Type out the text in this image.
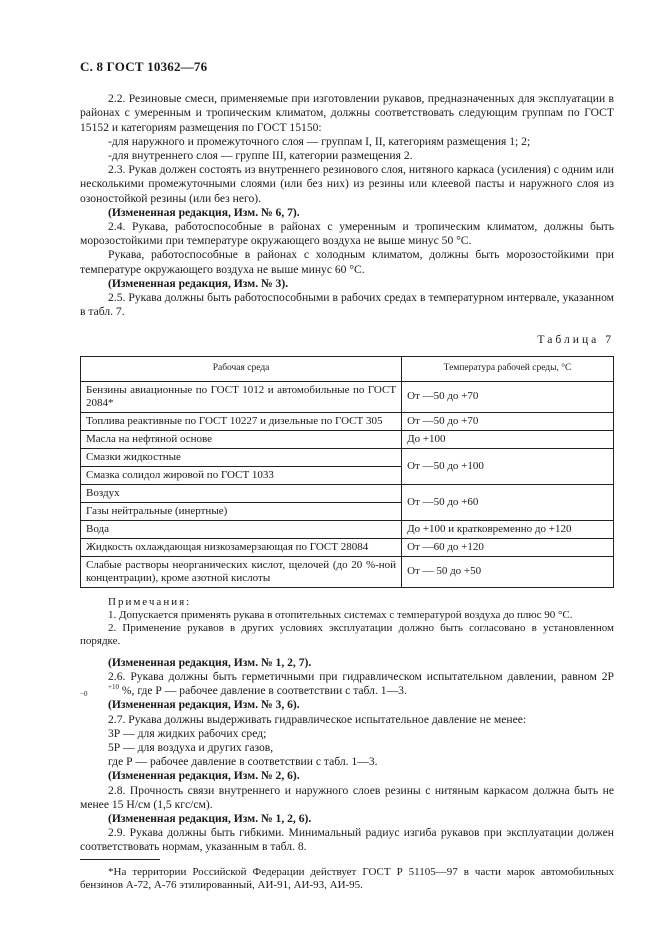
С. 8 ГОСТ 10362—76

2.2. Резиновые смеси, применяемые при изготовлении рукавов, предназначенных для эксплуатации в районах с умеренным и тропическим климатом, должны соответствовать следующим группам по ГОСТ 15152 и категориям размещения по ГОСТ 15150:

-для наружного и промежуточного слоя — группам I, II, категориям размещения 1; 2;

-для внутреннего слоя — группе III, категории размещения 2.

2.3. Рукав должен состоять из внутреннего резинового слоя, нитяного каркаса (усиления) с одним или несколькими промежуточными слоями (или без них) из резины или клеевой пасты и наружного слоя из озоностойкой резины (или без него).

(Измененная редакция, Изм. № 6, 7).

2.4. Рукава, работоспособные в районах с умеренным и тропическим климатом, должны быть морозостойкими при температуре окружающего воздуха не выше минус 50 °С.

Рукава, работоспособные в районах с холодным климатом, должны быть морозостойкими при температуре окружающего воздуха не выше минус 60 °С.

(Измененная редакция, Изм. № 3).

2.5. Рукава должны быть работоспособными в рабочих средах в температурном интервале, указанном в табл. 7.

Таблица 7
Рабочая среда	Температура рабочей среды, °С
Бензины авиационные по ГОСТ 1012 и автомобильные по ГОСТ 2084*	От —50 до +70
Топлива реактивные по ГОСТ 10227 и дизельные по ГОСТ 305	От —50 до +70
Масла на нефтяной основе	До +100
Смазки жидкостные	От —50 до +100
Смазка солидол жировой по ГОСТ 1033	
Воздух	От —50 до +60
Газы нейтральные (инертные)	
Вода	До +100 и кратковременно до +120
Жидкость охлаждающая низкозамерзающая по ГОСТ 28084	От —60 до +120
Слабые растворы неорганических кислот, щелочей (до 20 %-ной концентрации), кроме азотной кислоты	От — 50 до +50

Примечания:

1. Допускается применять рукава в отопительных системах с температурой воздуха до плюс 90 °С.

2. Применение рукавов в других условиях эксплуатации должно быть согласовано в установленном порядке.

(Измененная редакция, Изм. № 1, 2, 7).

2.6. Рукава должны быть герметичными при гидравлическом испытательном давлении, равном 2Р+10
−0	%, где Р — рабочее давление в соответствии с табл. 1—3.

(Измененная редакция, Изм. № 3, 6).

2.7. Рукава должны выдерживать гидравлическое испытательное давление не менее:

3Р — для жидких рабочих сред;

5Р — для воздуха и других газов,

где Р — рабочее давление в соответствии с табл. 1—3.

(Измененная редакция, Изм. № 2, 6).

2.8. Прочность связи внутреннего и наружного слоев резины с нитяным каркасом должна быть не менее 15 Н/см (1,5 кгс/см).

(Измененная редакция, Изм. № 1, 2, 6).

2.9. Рукава должны быть гибкими. Минимальный радиус изгиба рукавов при эксплуатации должен соответствовать нормам, указанным в табл. 8.

*На территории Российской Федерации действует ГОСТ Р 51105—97 в части марок автомобильных бензинов А-72, А-76 этилированный, АИ-91, АИ-93, АИ-95.
